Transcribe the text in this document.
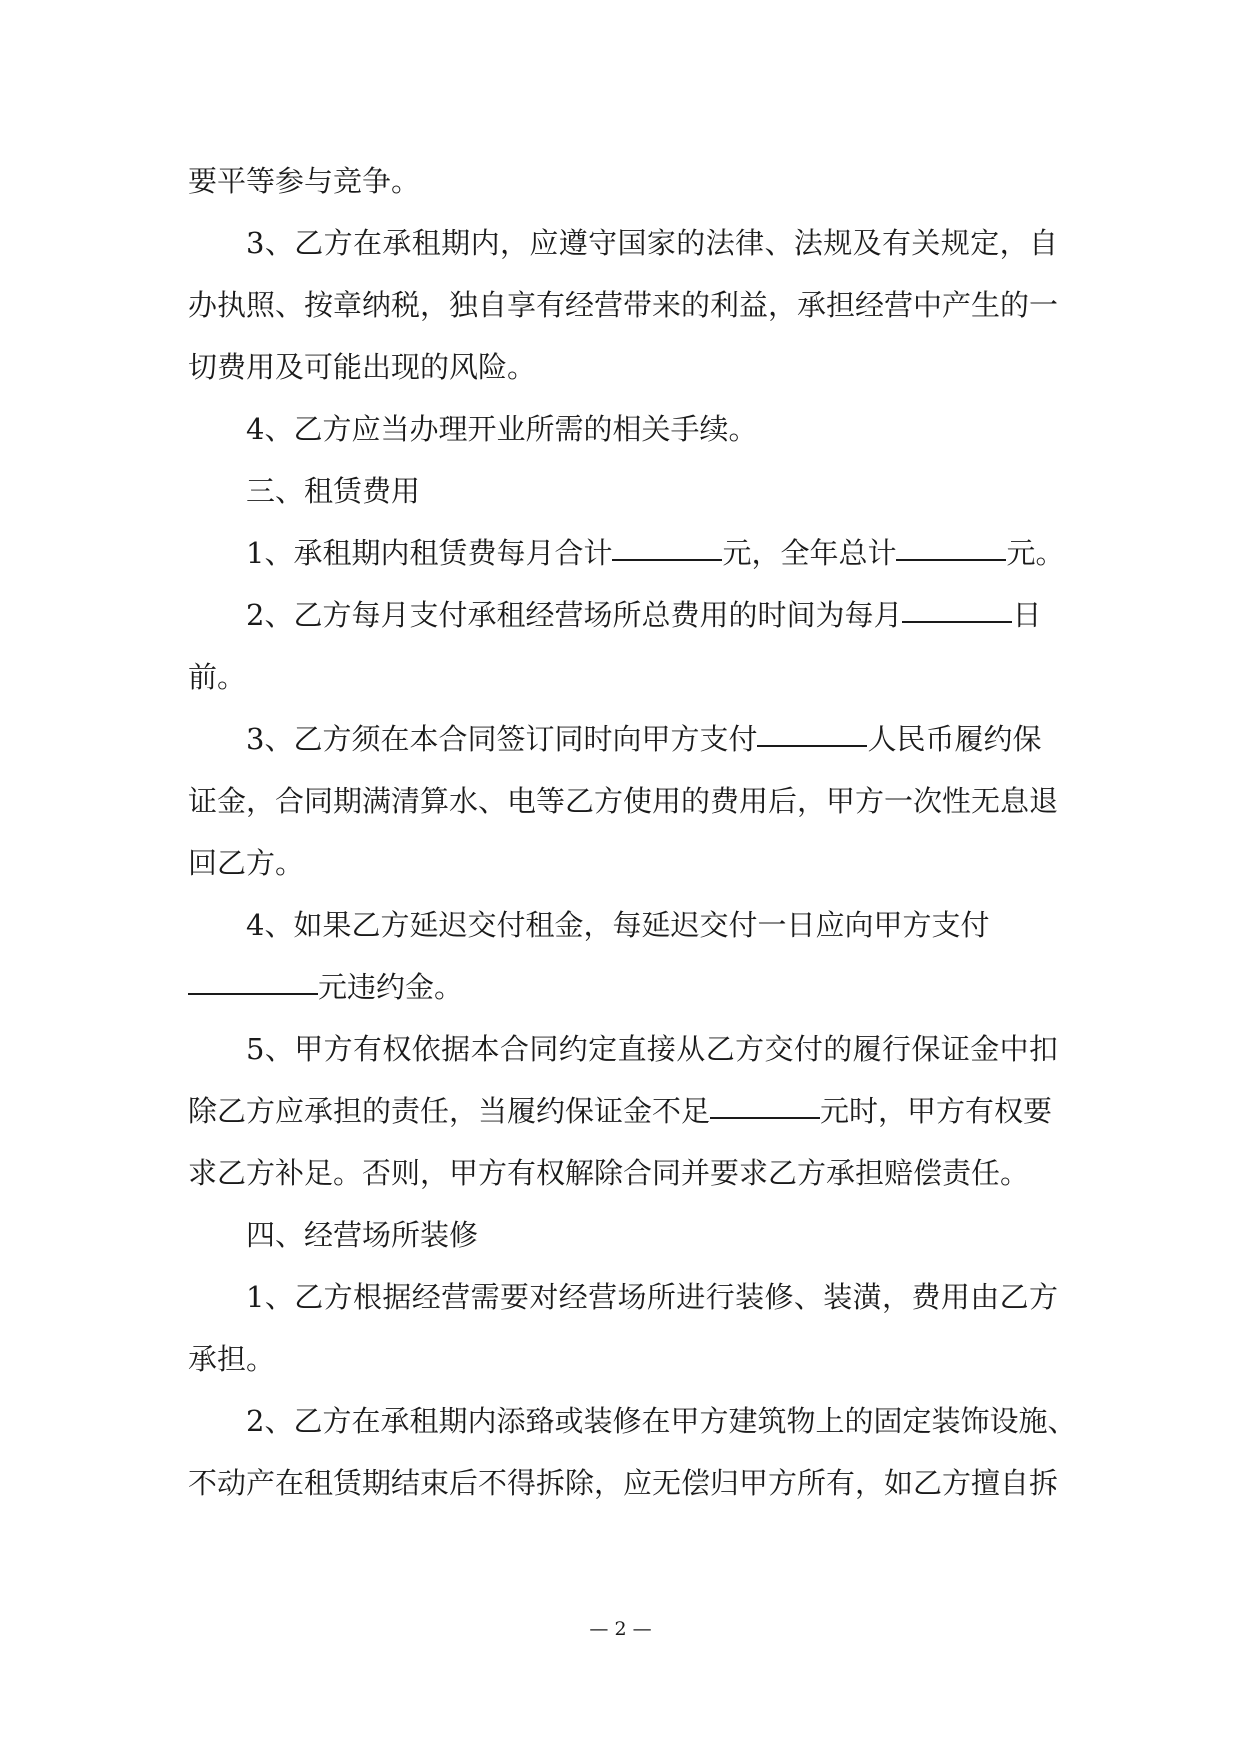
要平等参与竞争。
3、乙方在承租期内，应遵守国家的法律、法规及有关规定，自
办执照、按章纳税，独自享有经营带来的利益，承担经营中产生的一
切费用及可能出现的风险。
4、乙方应当办理开业所需的相关手续。
三、租赁费用
1、承租期内租赁费每月合计	元，全年总计	元。
2、乙方每月支付承租经营场所总费用的时间为每月	日
前。
3、乙方须在本合同签订同时向甲方支付	人民币履约保
证金，合同期满清算水、电等乙方使用的费用后，甲方一次性无息退
回乙方。
4、如果乙方延迟交付租金，每延迟交付一日应向甲方支付
元违约金。
5、甲方有权依据本合同约定直接从乙方交付的履行保证金中扣
除乙方应承担的责任，当履约保证金不足	元时，甲方有权要
求乙方补足。否则，甲方有权解除合同并要求乙方承担赔偿责任。
四、经营场所装修
1、乙方根据经营需要对经营场所进行装修、装潢，费用由乙方
承担。
2、乙方在承租期内添臵或装修在甲方建筑物上的固定装饰设施、
不动产在租赁期结束后不得拆除，应无偿归甲方所有，如乙方擅自拆
— 2 —
